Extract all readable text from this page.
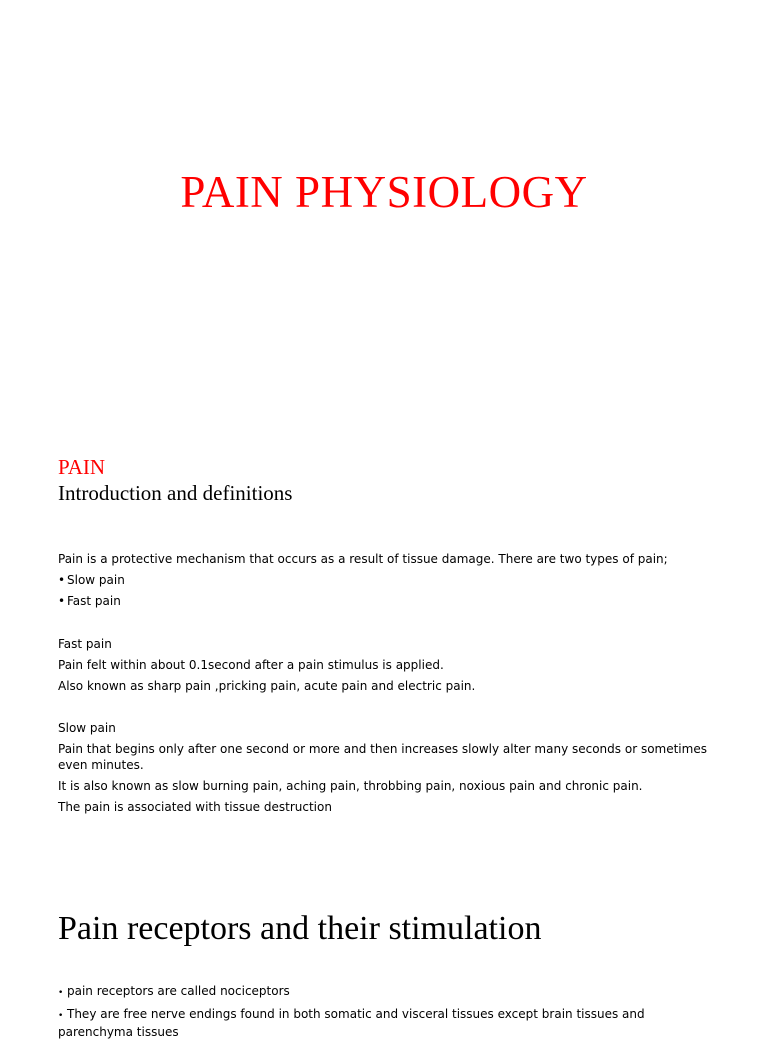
PAIN PHYSIOLOGY
PAIN
Introduction and definitions
Pain is a protective mechanism that occurs as a result of tissue damage. There are two types of pain;
• Slow pain
• Fast pain
Fast pain
Pain felt within about 0.1second after a pain stimulus is applied.
Also known as sharp pain ,pricking pain, acute pain and electric pain.
Slow pain
Pain that begins only after one second or more and then increases slowly alter many seconds or sometimes even minutes.
It is also known as slow burning pain, aching pain, throbbing pain, noxious pain and chronic pain.
The pain is associated with tissue destruction
Pain receptors and their stimulation
• pain receptors are called nociceptors
• They are free nerve endings found in both somatic and visceral tissues except brain tissues and parenchyma tissues
